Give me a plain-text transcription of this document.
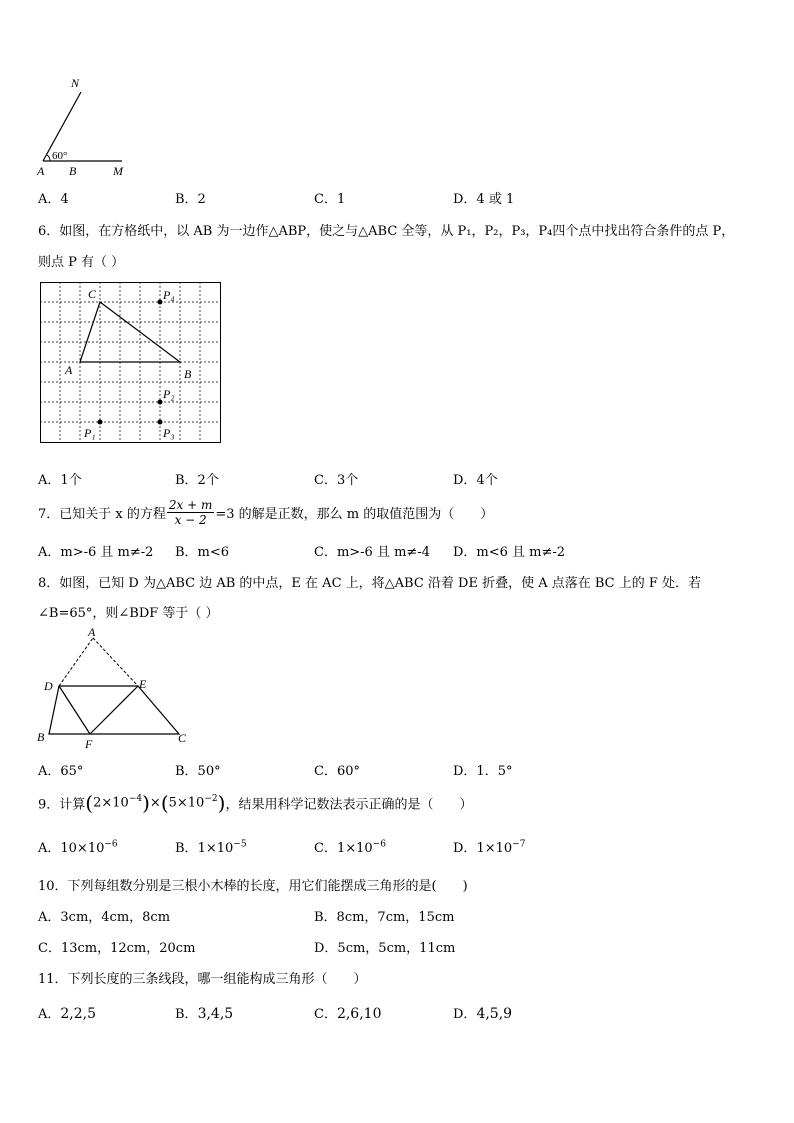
N
60°
A B	M
A．4	B．2	C．1	D．4 或 1
6．如图，在方格纸中，以 AB 为一边作△ABP，使之与△ABC 全等，从 P₁，P₂，P₃，P₄四个点中找出符合条件的点 P，
则点 P 有（ ）
C
A	B
P₄
P₂
P₃
P₁
A．1个	B．2个	C．3个	D．4个
7．已知关于 x 的方程 $\frac{2x + m}{x - 2} =3$ 的解是正数，那么 m 的取值范围为（　　）
A．m>-6 且 m≠-2 B．m<6	C．m>-6 且 m≠-4 D．m<6 且 m≠-2
8．如图，已知 D 为△ABC 边 AB 的中点，E 在 AC 上，将△ABC 沿着 DE 折叠，使 A 点落在 BC 上的 F 处．若
∠B=65°，则∠BDF 等于（ ）
A
D	E
B	F	C
A．65°	B．50°	C．60°	D．1．5°
9．计算$(2\times 10^{-4})\times(5\times 10^{-2})$，结果用科学记数法表示正确的是（　　）
A．$10\times 10^{-6}$	B．$1\times 10^{-5}$	C．$1\times 10^{-6}$	D．$1\times 10^{-7}$
10．下列每组数分别是三根小木棒的长度，用它们能摆成三角形的是(　　)
A．3cm，4cm，8cm	B．8cm，7cm，15cm
C．13cm，12cm，20cm	D．5cm，5cm，11cm
11．下列长度的三条线段，哪一组能构成三角形（　　）
A．2,2,5	B．3,4,5	C．2,6,10	D．4,5,9
